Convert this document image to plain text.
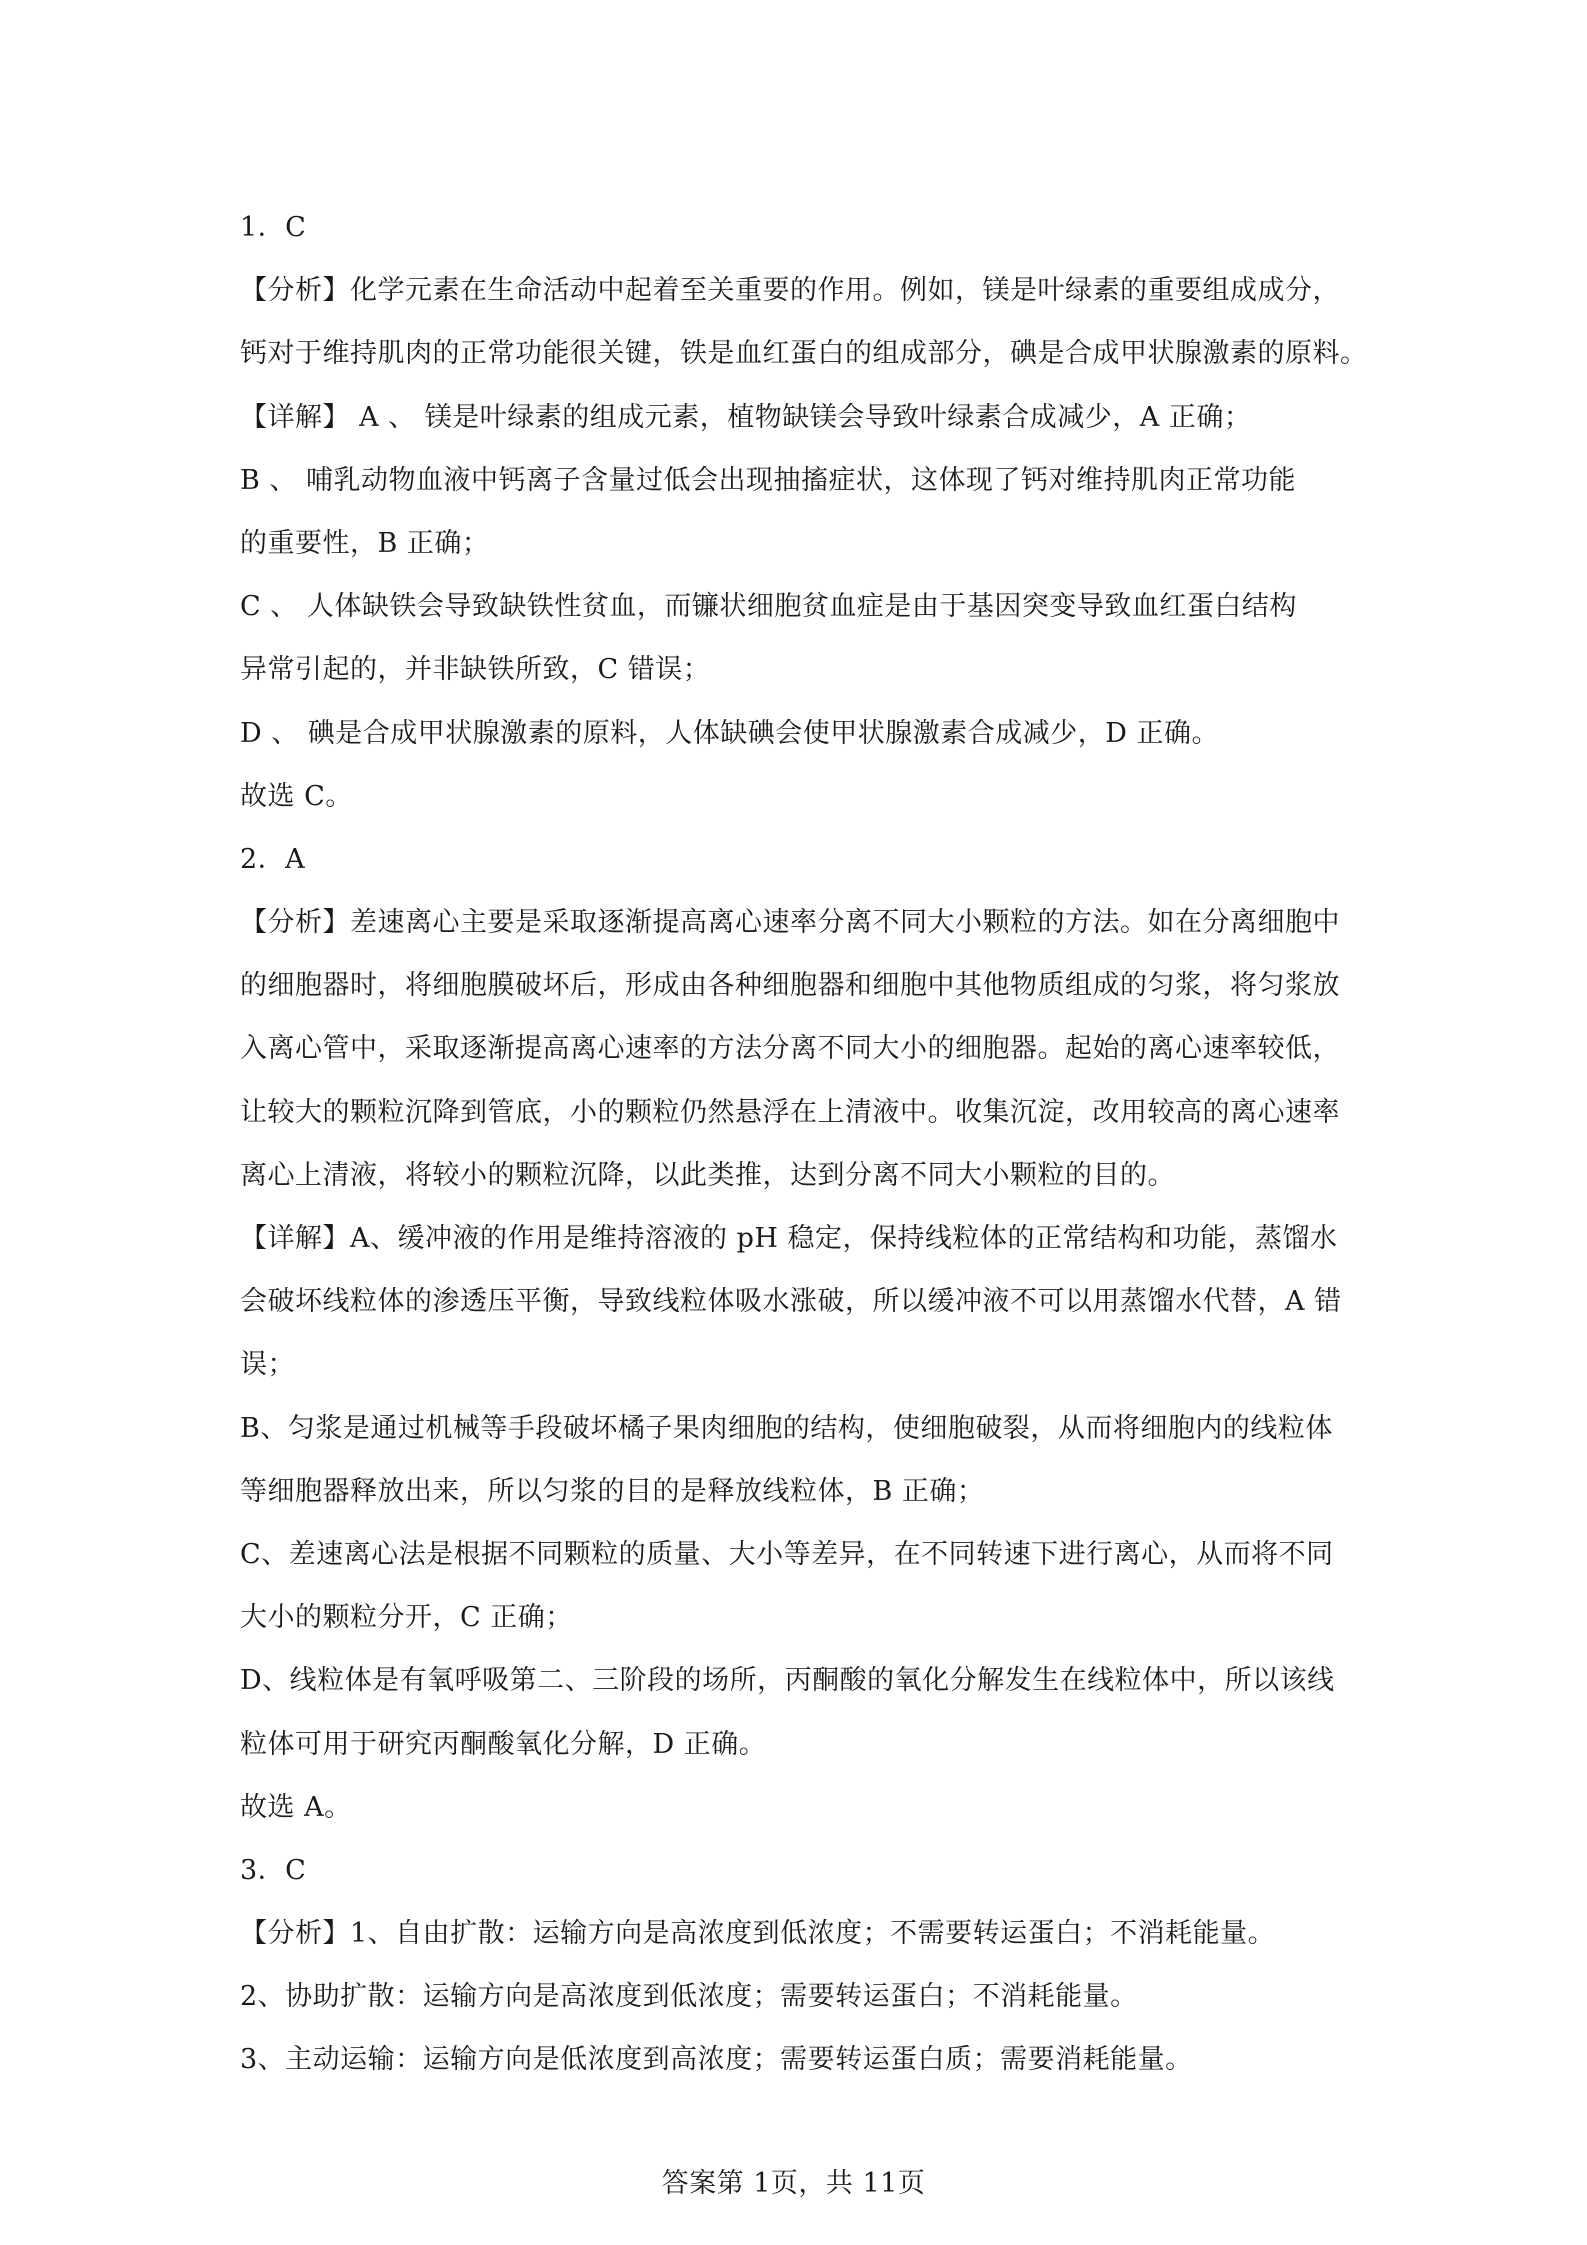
1．C
【分析】化学元素在生命活动中起着至关重要的作用。例如，镁是叶绿素的重要组成成分，
钙对于维持肌肉的正常功能很关键，铁是血红蛋白的组成部分，碘是合成甲状腺激素的原料。
【详解】 A 、 镁是叶绿素的组成元素，植物缺镁会导致叶绿素合成减少，A 正确；
B 、 哺乳动物血液中钙离子含量过低会出现抽搐症状，这体现了钙对维持肌肉正常功能
的重要性，B 正确；
C 、 人体缺铁会导致缺铁性贫血，而镰状细胞贫血症是由于基因突变导致血红蛋白结构
异常引起的，并非缺铁所致，C 错误；
D 、 碘是合成甲状腺激素的原料，人体缺碘会使甲状腺激素合成减少，D 正确。
故选 C。
2．A
【分析】差速离心主要是采取逐渐提高离心速率分离不同大小颗粒的方法。如在分离细胞中
的细胞器时，将细胞膜破坏后，形成由各种细胞器和细胞中其他物质组成的匀浆，将匀浆放
入离心管中，采取逐渐提高离心速率的方法分离不同大小的细胞器。起始的离心速率较低，
让较大的颗粒沉降到管底，小的颗粒仍然悬浮在上清液中。收集沉淀，改用较高的离心速率
离心上清液，将较小的颗粒沉降，以此类推，达到分离不同大小颗粒的目的。
【详解】A、缓冲液的作用是维持溶液的 pH 稳定，保持线粒体的正常结构和功能，蒸馏水
会破坏线粒体的渗透压平衡，导致线粒体吸水涨破，所以缓冲液不可以用蒸馏水代替，A 错
误；
B、匀浆是通过机械等手段破坏橘子果肉细胞的结构，使细胞破裂，从而将细胞内的线粒体
等细胞器释放出来，所以匀浆的目的是释放线粒体，B 正确；
C、差速离心法是根据不同颗粒的质量、大小等差异，在不同转速下进行离心，从而将不同
大小的颗粒分开，C 正确；
D、线粒体是有氧呼吸第二、三阶段的场所，丙酮酸的氧化分解发生在线粒体中，所以该线
粒体可用于研究丙酮酸氧化分解，D 正确。
故选 A。
3．C
【分析】1、自由扩散：运输方向是高浓度到低浓度；不需要转运蛋白；不消耗能量。
2、协助扩散：运输方向是高浓度到低浓度；需要转运蛋白；不消耗能量。
3、主动运输：运输方向是低浓度到高浓度；需要转运蛋白质；需要消耗能量。
答案第 1页，共 11页
